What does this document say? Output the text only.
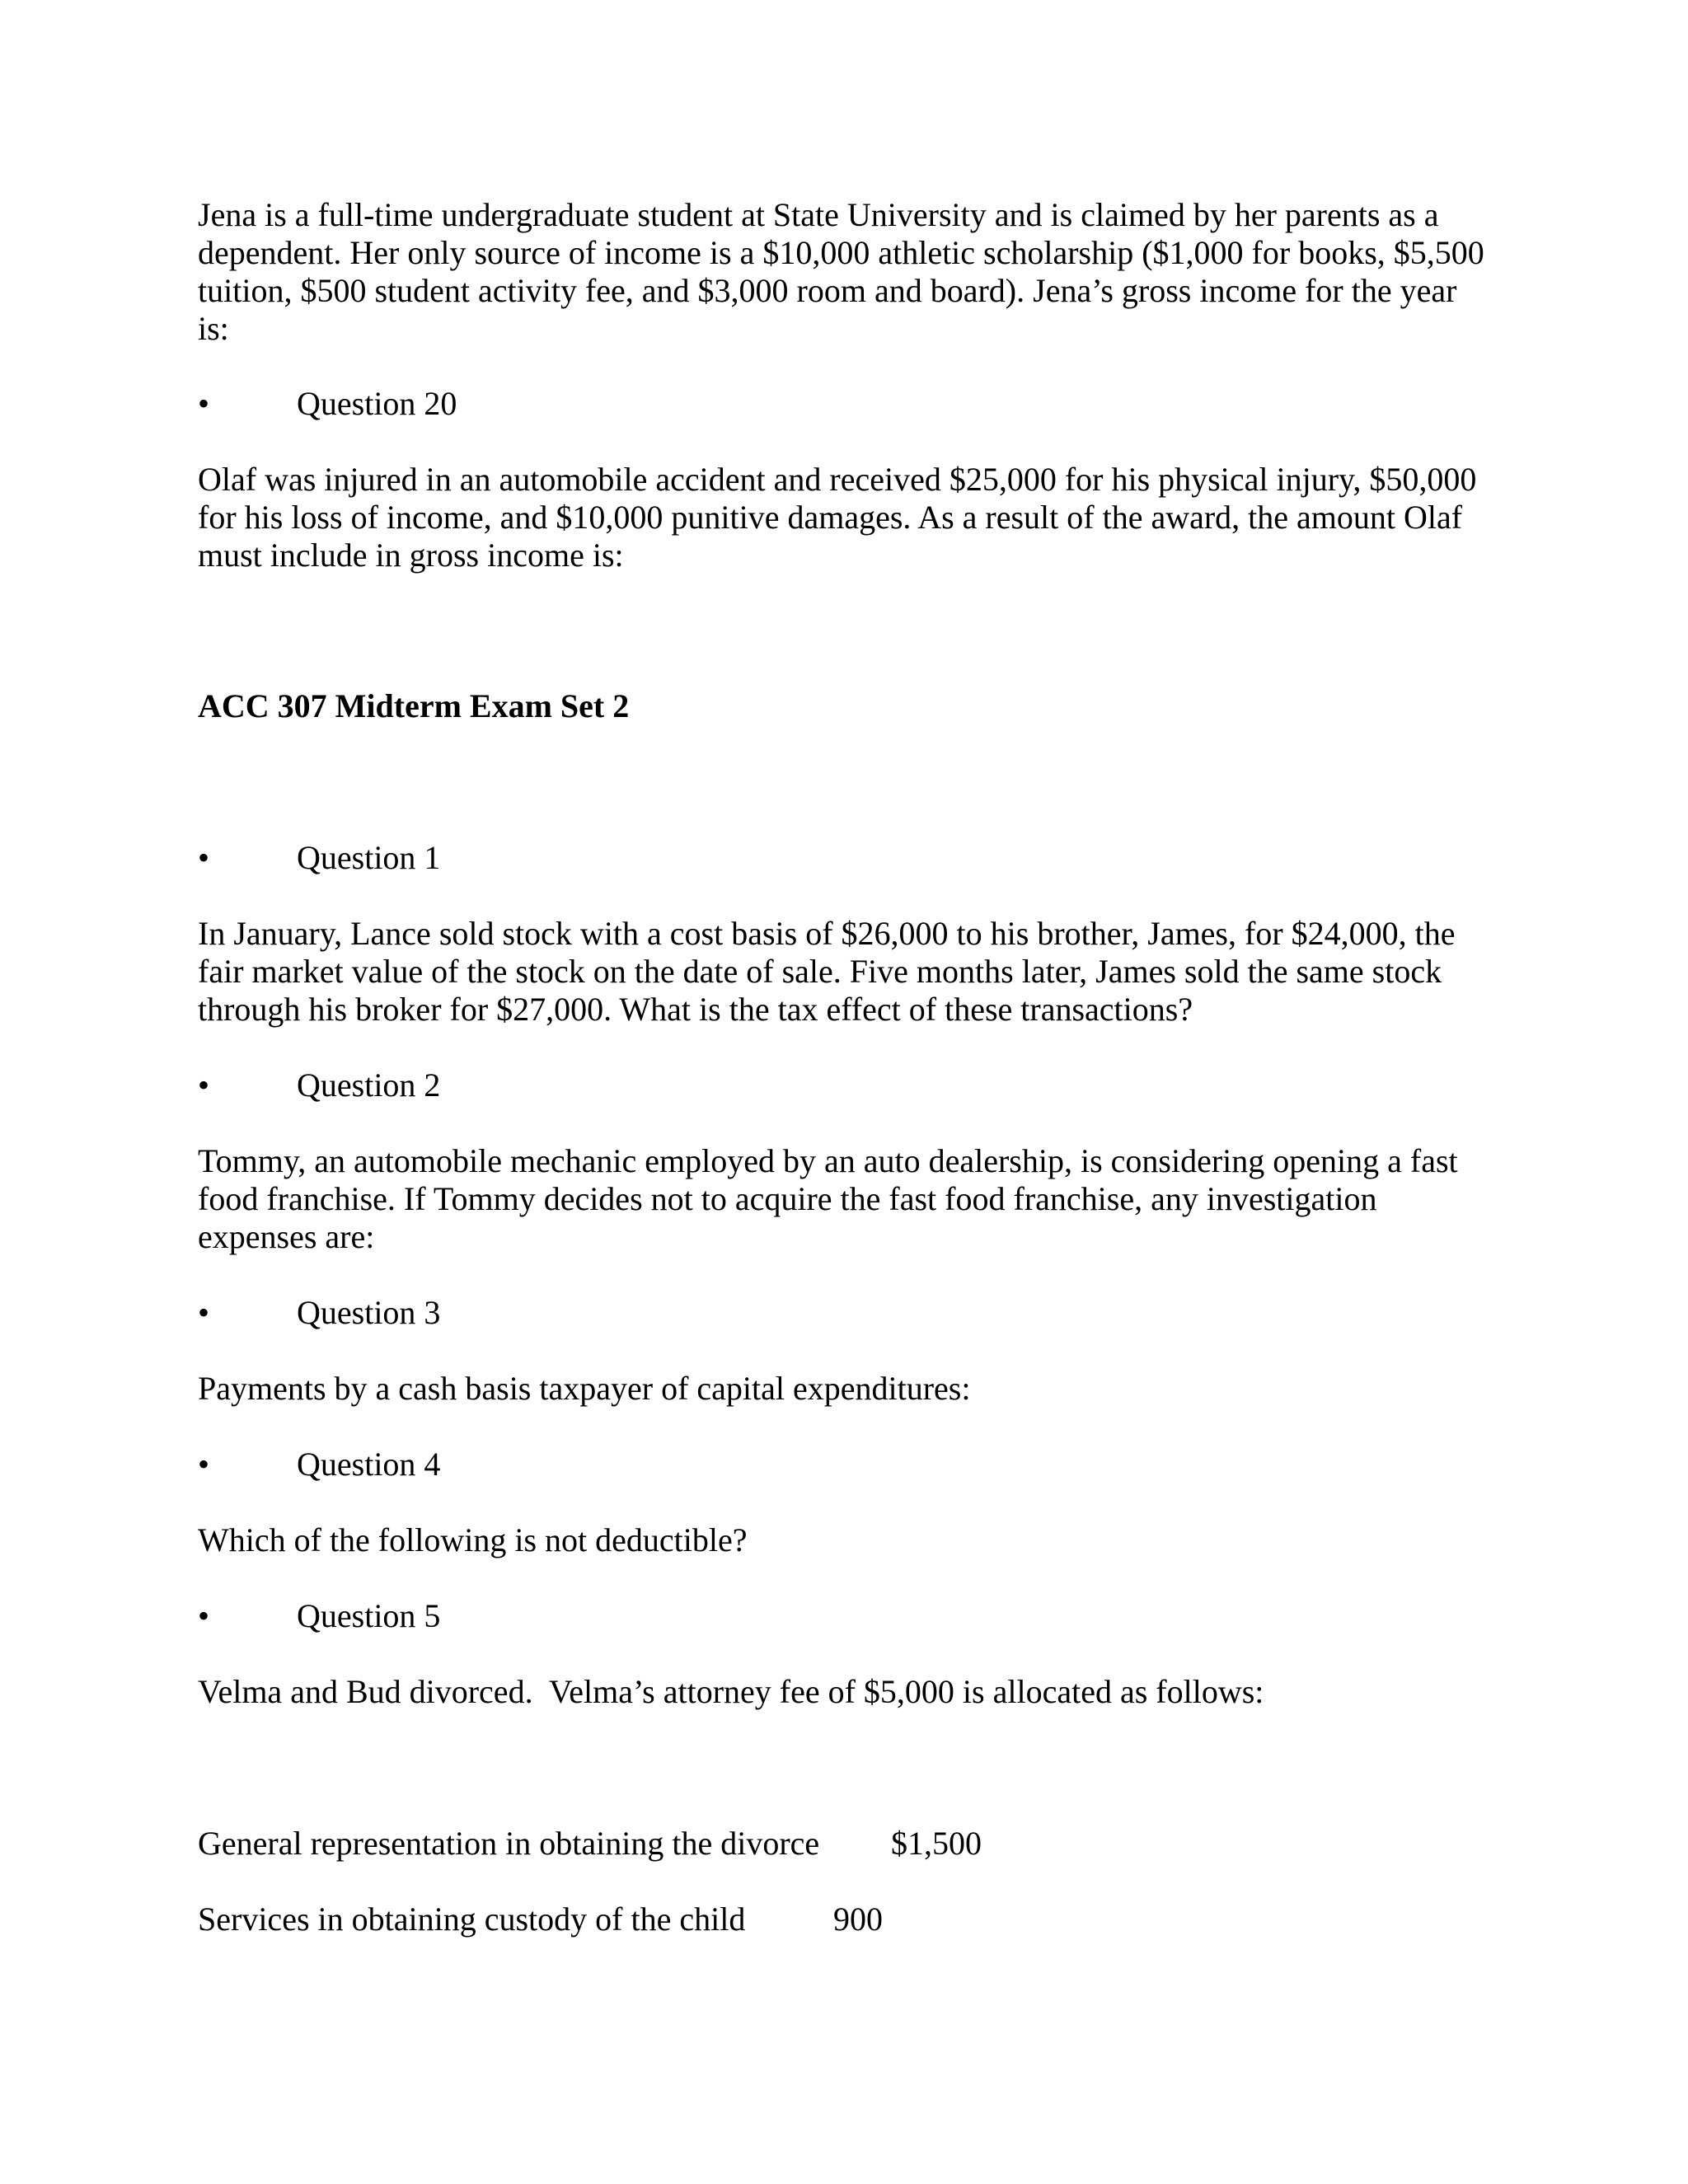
Jena is a full-time undergraduate student at State University and is claimed by her parents as a dependent. Her only source of income is a $10,000 athletic scholarship ($1,000 for books, $5,500 tuition, $500 student activity fee, and $3,000 room and board). Jena’s gross income for the year is:

•	Question 20

Olaf was injured in an automobile accident and received $25,000 for his physical injury, $50,000 for his loss of income, and $10,000 punitive damages. As a result of the award, the amount Olaf must include in gross income is:

ACC 307 Midterm Exam Set 2
•	Question 1

In January, Lance sold stock with a cost basis of $26,000 to his brother, James, for $24,000, the fair market value of the stock on the date of sale. Five months later, James sold the same stock through his broker for $27,000. What is the tax effect of these transactions?

•	Question 2

Tommy, an automobile mechanic employed by an auto dealership, is considering opening a fast food franchise. If Tommy decides not to acquire the fast food franchise, any investigation expenses are:

•	Question 3

Payments by a cash basis taxpayer of capital expenditures:

•	Question 4

Which of the following is not deductible?

•	Question 5

Velma and Bud divorced.  Velma’s attorney fee of $5,000 is allocated as follows:

General representation in obtaining the divorce $1,500
Services in obtaining custody of the child	900
